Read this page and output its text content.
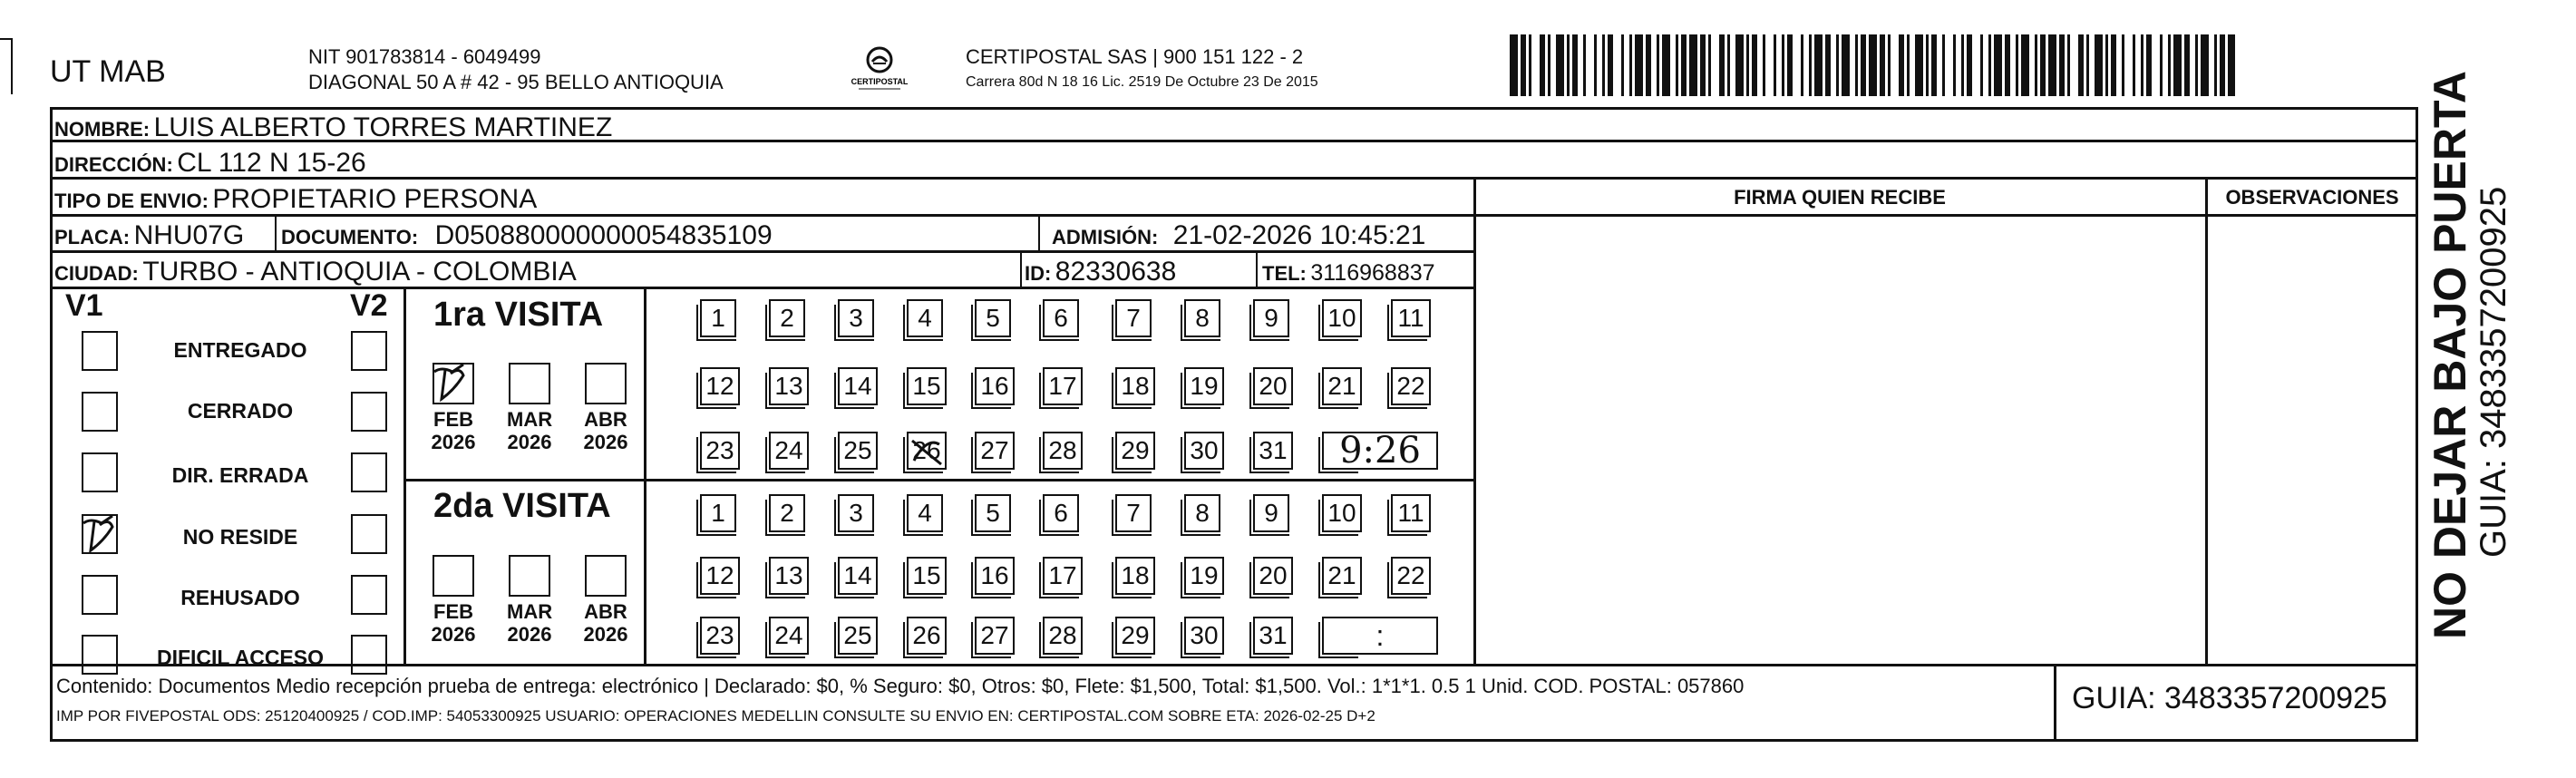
UT MAB	NIT 901783814 - 6049499
DIAGONAL 50 A # 42 - 95 BELLO ANTIOQUIA	CERTIPOSTAL
CERTIPOSTAL SAS | 900 151 122 - 2
Carrera 80d N 18 16 Lic. 2519 De Octubre 23 De 2015
NOMBRE: LUIS ALBERTO TORRES MARTINEZ
DIRECCIÓN: CL 112 N 15-26
TIPO DE ENVIO: PROPIETARIO PERSONA	FIRMA QUIEN RECIBE	OBSERVACIONES
PLACA: NHU07G DOCUMENTO: D050880000000054835109	ADMISIÓN: 21-02-2026 10:45:21
CIUDAD: TURBO - ANTIOQUIA - COLOMBIA	ID: 82330638	TEL: 3116968837
V1	V2
ENTREGADO
CERRADO
DIR. ERRADA
NO RESIDE
REHUSADO
DIFICIL ACCESO
1ra VISITA
2da VISITA
FEB
2026
MAR
2026
ABR
2026
FEB
2026
MAR
2026
ABR
2026
1	2	3	4	5	6	7	8	9	10 11
12 13 14 15 16 17 18 19 20 21 22
23 24 25 26 27 28 29 30 31	9:26
1	2	3	4	5	6	7	8	9	10 11
12 13 14 15 16 17 18 19 20 21 22
23 24 25 26 27 28 29 30 31	:
Contenido: Documentos Medio recepción prueba de entrega: electrónico | Declarado: $0, % Seguro: $0, Otros: $0, Flete: $1,500, Total: $1,500. Vol.: 1*1*1. 0.5 1 Unid. COD. POSTAL: 057860
IMP POR FIVEPOSTAL ODS: 25120400925 / COD.IMP: 54053300925 USUARIO: OPERACIONES MEDELLIN CONSULTE SU ENVIO EN: CERTIPOSTAL.COM SOBRE ETA: 2026-02-25 D+2
GUIA: 3483357200925
NO DEJAR BAJO PUERTA
GUIA: 3483357200925
